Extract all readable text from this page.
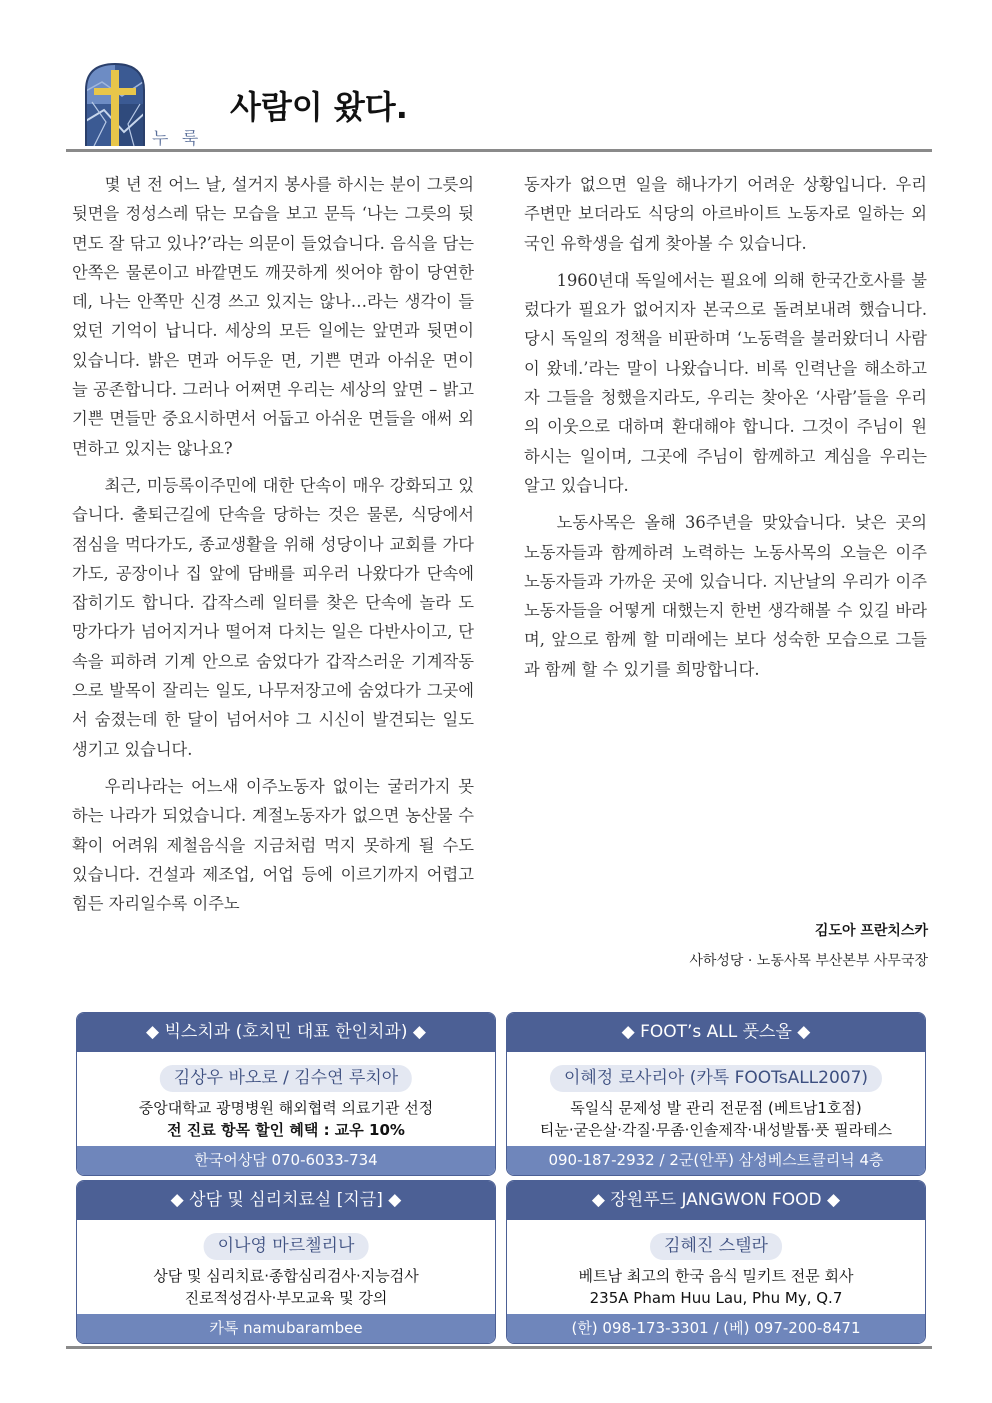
누 룩
사람이 왔다.

몇 년 전 어느 날, 설거지 봉사를 하시는 분이 그릇의 뒷면을 정성스레 닦는 모습을 보고 문득 ‘나는 그릇의 뒷면도 잘 닦고 있나?’라는 의문이 들었습니다. 음식을 담는 안쪽은 물론이고 바깥면도 깨끗하게 씻어야 함이 당연한데, 나는 안쪽만 신경 쓰고 있지는 않나…라는 생각이 들었던 기억이 납니다. 세상의 모든 일에는 앞면과 뒷면이 있습니다. 밝은 면과 어두운 면, 기쁜 면과 아쉬운 면이 늘 공존합니다. 그러나 어쩌면 우리는 세상의 앞면 – 밝고 기쁜 면들만 중요시하면서 어둡고 아쉬운 면들을 애써 외면하고 있지는 않나요?

최근, 미등록이주민에 대한 단속이 매우 강화되고 있습니다. 출퇴근길에 단속을 당하는 것은 물론, 식당에서 점심을 먹다가도, 종교생활을 위해 성당이나 교회를 가다가도, 공장이나 집 앞에 담배를 피우러 나왔다가 단속에 잡히기도 합니다. 갑작스레 일터를 찾은 단속에 놀라 도망가다가 넘어지거나 떨어져 다치는 일은 다반사이고, 단속을 피하려 기계 안으로 숨었다가 갑작스러운 기계작동으로 발목이 잘리는 일도, 나무저장고에 숨었다가 그곳에서 숨졌는데 한 달이 넘어서야 그 시신이 발견되는 일도 생기고 있습니다.

우리나라는 어느새 이주노동자 없이는 굴러가지 못하는 나라가 되었습니다. 계절노동자가 없으면 농산물 수확이 어려워 제철음식을 지금처럼 먹지 못하게 될 수도 있습니다. 건설과 제조업, 어업 등에 이르기까지 어렵고 힘든 자리일수록 이주노

동자가 없으면 일을 해나가기 어려운 상황입니다. 우리 주변만 보더라도 식당의 아르바이트 노동자로 일하는 외국인 유학생을 쉽게 찾아볼 수 있습니다.

1960년대 독일에서는 필요에 의해 한국간호사를 불렀다가 필요가 없어지자 본국으로 돌려보내려 했습니다. 당시 독일의 정책을 비판하며 ‘노동력을 불러왔더니 사람이 왔네.’라는 말이 나왔습니다. 비록 인력난을 해소하고자 그들을 청했을지라도, 우리는 찾아온 ‘사람’들을 우리의 이웃으로 대하며 환대해야 합니다. 그것이 주님이 원하시는 일이며, 그곳에 주님이 함께하고 계심을 우리는 알고 있습니다.

노동사목은 올해 36주년을 맞았습니다. 낮은 곳의 노동자들과 함께하려 노력하는 노동사목의 오늘은 이주노동자들과 가까운 곳에 있습니다. 지난날의 우리가 이주노동자들을 어떻게 대했는지 한번 생각해볼 수 있길 바라며, 앞으로 함께 할 미래에는 보다 성숙한 모습으로 그들과 함께 할 수 있기를 희망합니다.

김도아 프란치스카
사하성당 · 노동사목 부산본부 사무국장
◆ 빅스치과 (호치민 대표 한인치과) ◆
김상우 바오로 / 김수연 루치아
중앙대학교 광명병원 해외협력 의료기관 선정
전 진료 항목 할인 혜택 : 교우 10%
한국어상담 070-6033-734
◆ FOOT’s ALL 풋스올 ◆
이혜정 로사리아 (카톡 FOOTsALL2007)
독일식 문제성 발 관리 전문점 (베트남1호점)
티눈·굳은살·각질·무좀·인솔제작·내성발톱·풋 필라테스
090-187-2932 / 2군(안푸) 삼성베스트클리닉 4층
◆ 상담 및 심리치료실 [지금] ◆
이나영 마르첼리나
상담 및 심리치료·종합심리검사·지능검사
진로적성검사·부모교육 및 강의
카톡 namubarambee
◆ 장원푸드 JANGWON FOOD ◆
김혜진 스텔라
베트남 최고의 한국 음식 밀키트 전문 회사
235A Pham Huu Lau, Phu My, Q.7
(한) 098-173-3301 / (베) 097-200-8471
